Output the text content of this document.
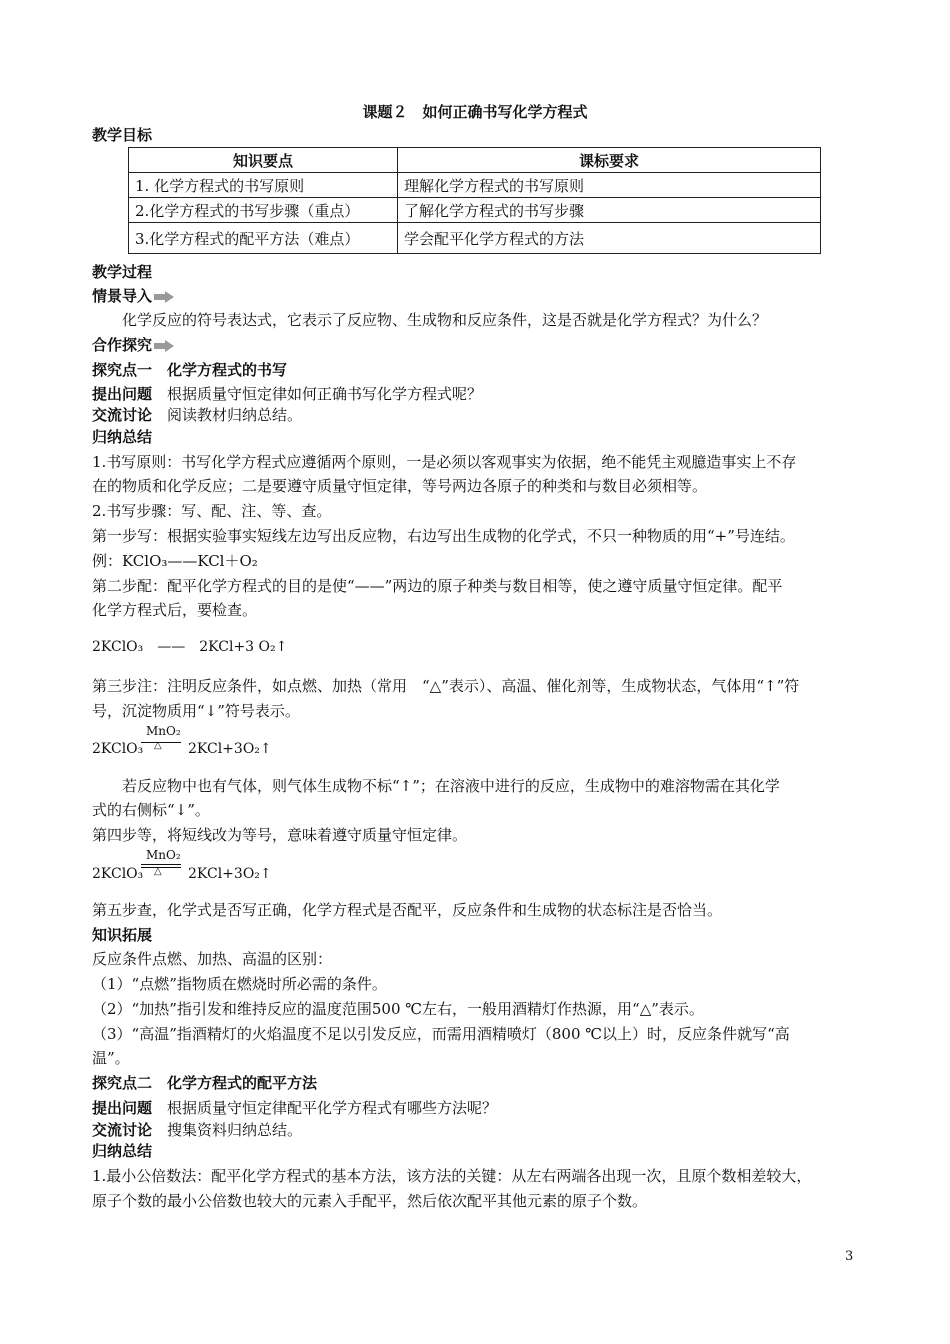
课题２　如何正确书写化学方程式
教学目标
知识要点	课标要求
1. 化学方程式的书写原则	理解化学方程式的书写原则
2.化学方程式的书写步骤（重点）	了解化学方程式的书写步骤
3.化学方程式的配平方法（难点）	学会配平化学方程式的方法
教学过程
情景导入
化学反应的符号表达式，它表示了反应物、生成物和反应条件，这是否就是化学方程式？为什么？
合作探究
探究点一　化学方程式的书写
提出问题　 根据质量守恒定律如何正确书写化学方程式呢？
交流讨论　 阅读教材归纳总结。
归纳总结
1.书写原则：书写化学方程式应遵循两个原则，一是必须以客观事实为依据，绝不能凭主观臆造事实上不存
在的物质和化学反应；二是要遵守质量守恒定律，等号两边各原子的种类和与数目必须相等。
2.书写步骤：写、配、注、等、查。
第一步写：根据实验事实短线左边写出反应物，右边写出生成物的化学式，不只一种物质的用“+”号连结。
例：KClO₃——KCl＋O₂
第二步配：配平化学方程式的目的是使“——”两边的原子种类与数目相等，使之遵守质量守恒定律。配平
化学方程式后，要检查。
2KClO₃　——　2KCl+3 O₂↑
第三步注：注明反应条件，如点燃、加热（常用　“△”表示）、高温、催化剂等，生成物状态，气体用“↑”符
号，沉淀物质用“↓”符号表示。
MnO₂
2KClO₃ △ 2KCl+3O₂↑
若反应物中也有气体，则气体生成物不标“↑”；在溶液中进行的反应，生成物中的难溶物需在其化学
式的右侧标“↓”。
第四步等，将短线改为等号，意味着遵守质量守恒定律。
MnO₂
2KClO₃ △ 2KCl+3O₂↑
第五步查，化学式是否写正确，化学方程式是否配平，反应条件和生成物的状态标注是否恰当。
知识拓展
反应条件点燃、加热、高温的区别：
（1）“点燃”指物质在燃烧时所必需的条件。
（2）“加热”指引发和维持反应的温度范围500 ℃左右，一般用酒精灯作热源，用“△”表示。
（3）“高温”指酒精灯的火焰温度不足以引发反应，而需用酒精喷灯（800 ℃以上）时，反应条件就写“高
温”。
探究点二　化学方程式的配平方法
提出问题　 根据质量守恒定律配平化学方程式有哪些方法呢？
交流讨论　 搜集资料归纳总结。
归纳总结
1.最小公倍数法：配平化学方程式的基本方法，该方法的关键：从左右两端各出现一次，且原个数相差较大，
原子个数的最小公倍数也较大的元素入手配平，然后依次配平其他元素的原子个数。
3
